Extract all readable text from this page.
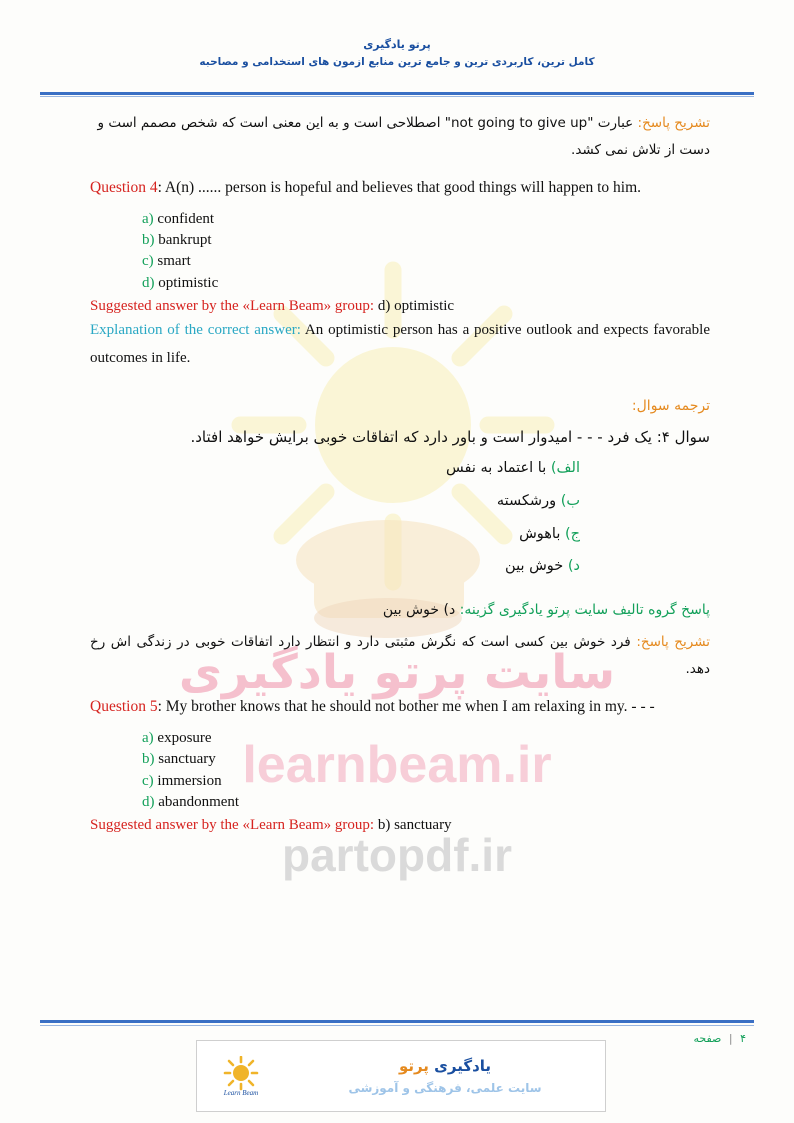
سایت پرتو یادگیری
learnbeam.ir
partopdf.ir
پرتو یادگیری
کامل ترین، کاربردی ترین و جامع ترین منابع ازمون های استخدامی و مصاحبه
تشریح پاسخ: عبارت "not going to give up" اصطلاحی است و به این معنی است که شخص مصمم است و دست از تلاش نمی کشد.
Question 4: A(n) ...... person is hopeful and believes that good things will happen to him.
a) confident
b) bankrupt
c) smart
d) optimistic
Suggested answer by the «Learn Beam» group: d) optimistic
Explanation of the correct answer: An optimistic person has a positive outlook and expects favorable outcomes in life.
ترجمه سوال:
سوال ۴: یک فرد - - - امیدوار است و باور دارد که اتفاقات خوبی برایش خواهد افتاد.
الف) با اعتماد به نفس
ب) ورشکسته
ج) باهوش
د) خوش بین
پاسخ گروه تالیف سایت پرتو یادگیری گزینه: د) خوش بین
تشریح پاسخ: فرد خوش بین کسی است که نگرش مثبتی دارد و انتظار دارد اتفاقات خوبی در زندگی اش رخ دهد.
Question 5: My brother knows that he should not bother me when I am relaxing in my. - - -
a) exposure
b) sanctuary
c) immersion
d) abandonment
Suggested answer by the «Learn Beam» group: b) sanctuary
۴ | صفحه
Learn Beam
یادگیری پرتو
سایت علمی، فرهنگی و آموزشی
